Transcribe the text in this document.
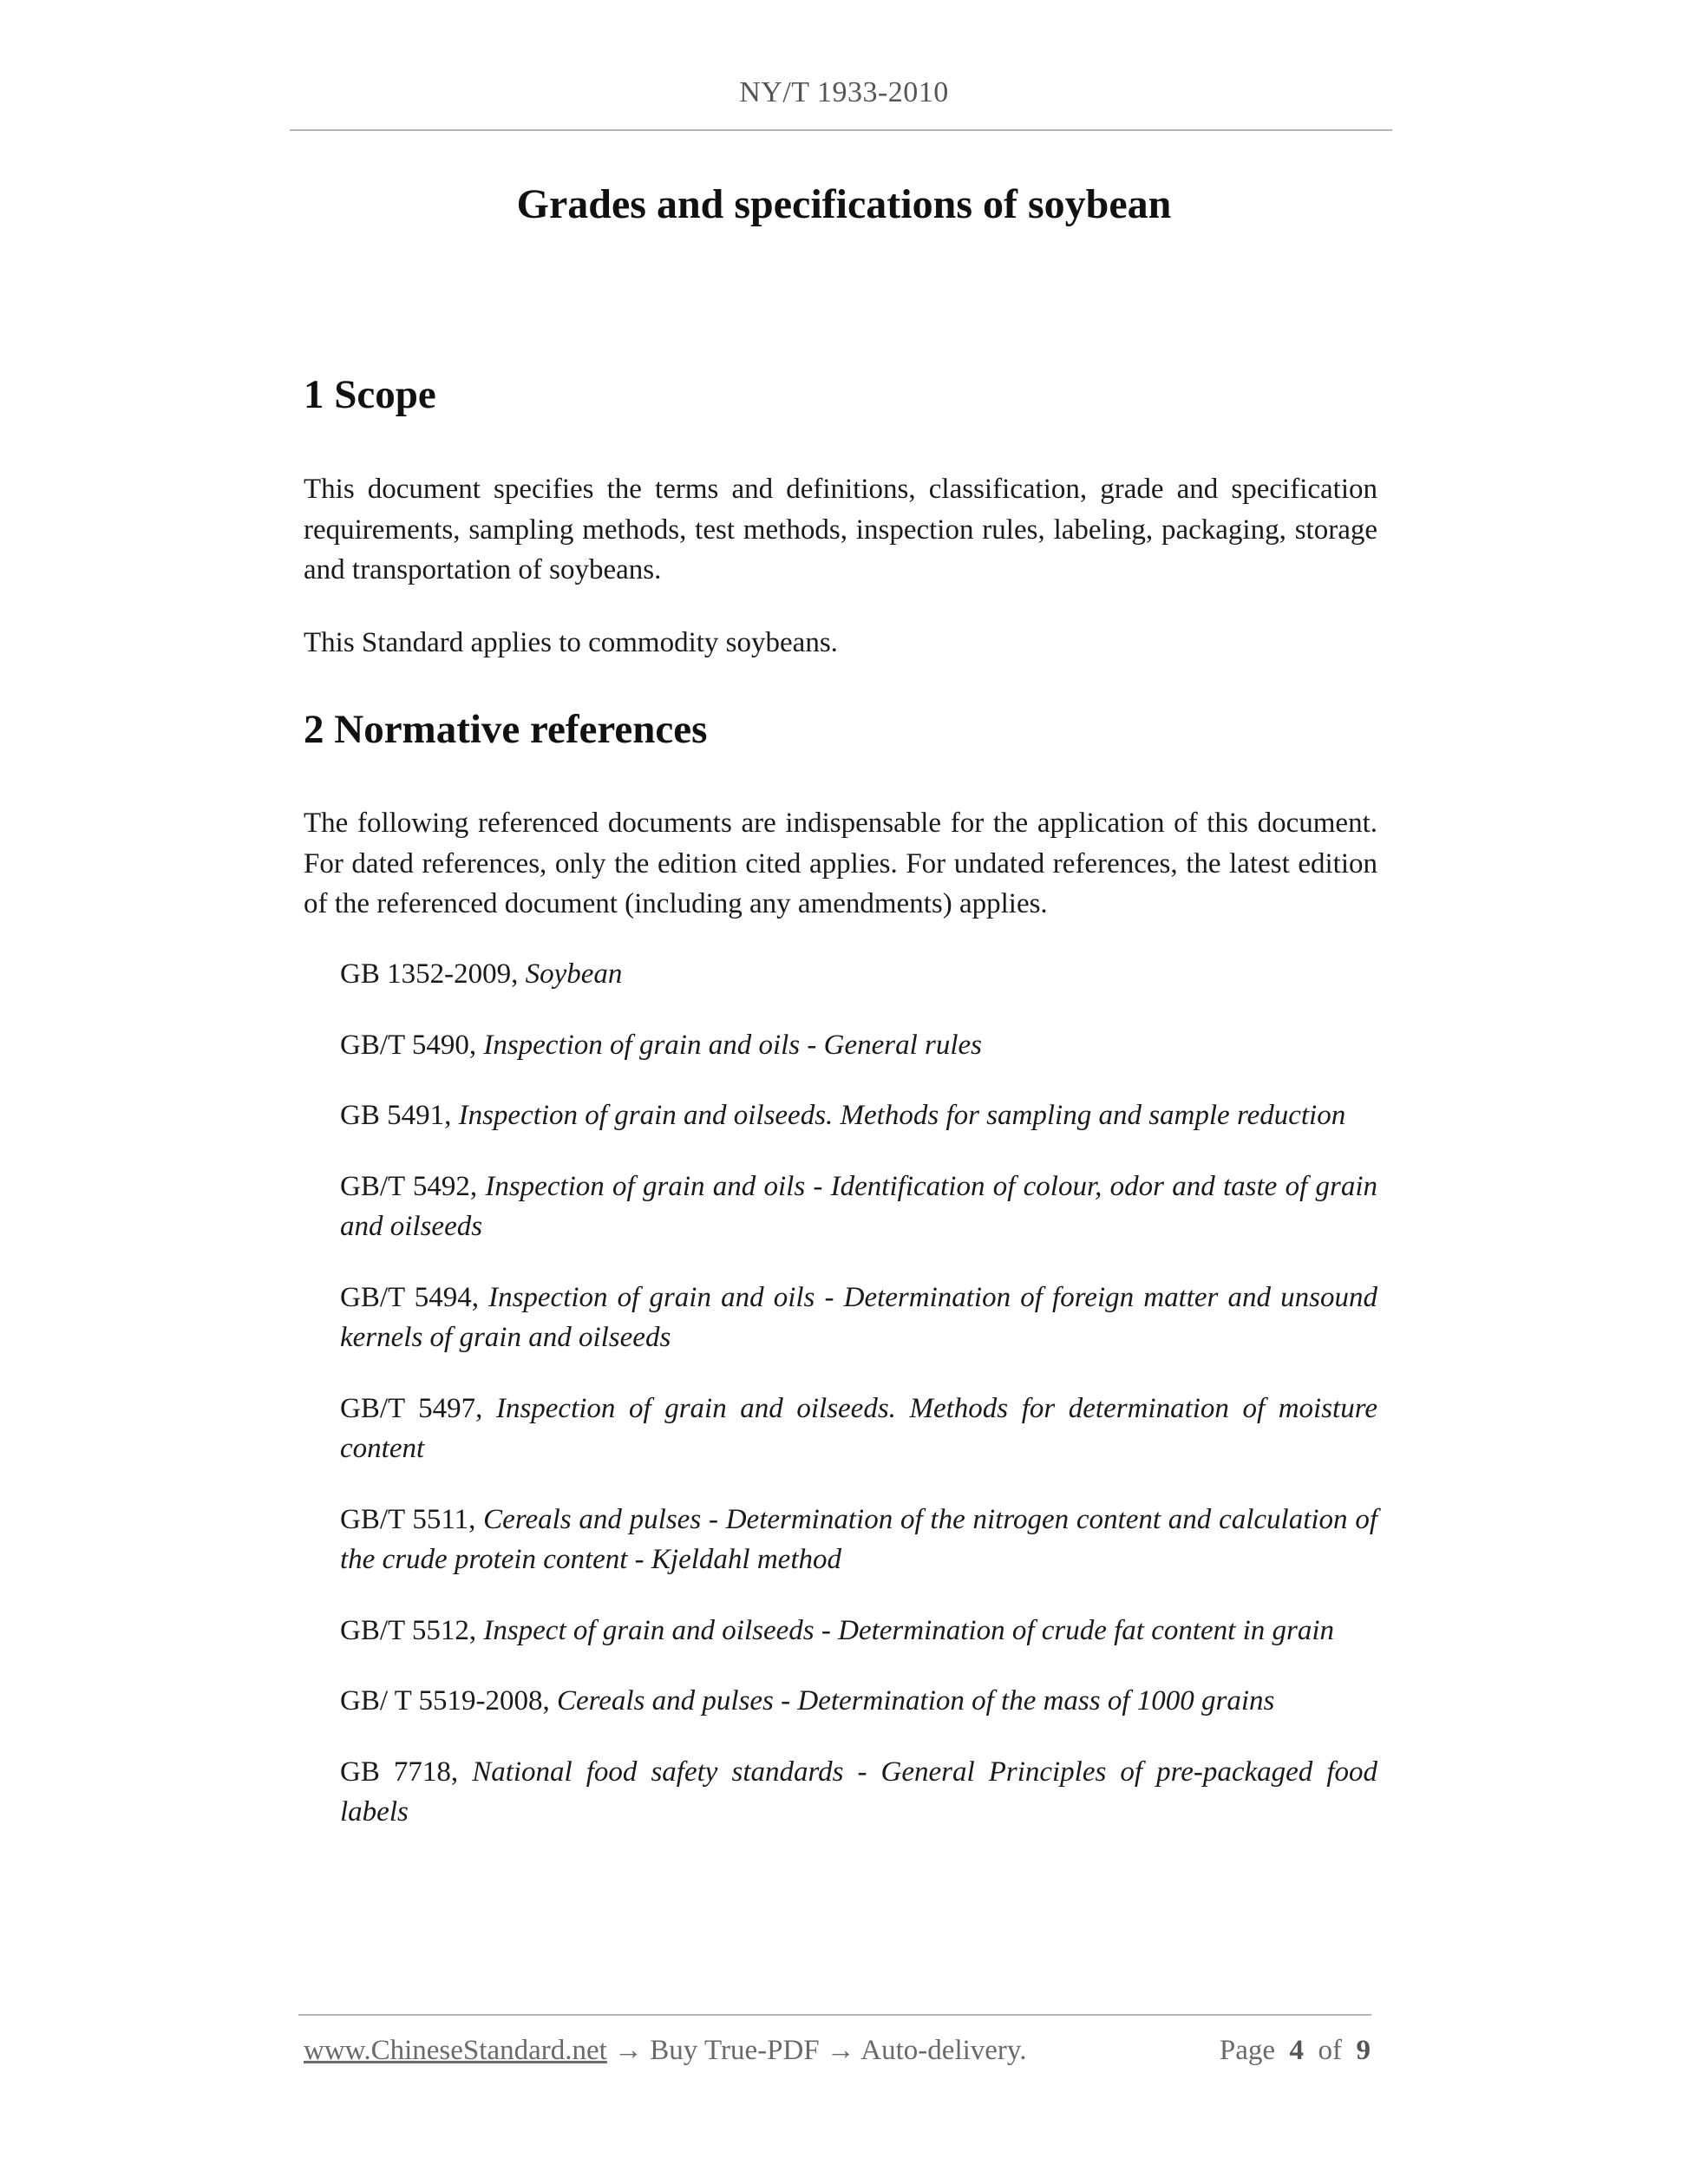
NY/T 1933-2010
Grades and specifications of soybean
1 Scope
This document specifies the terms and definitions, classification, grade and specification requirements, sampling methods, test methods, inspection rules, labeling, packaging, storage and transportation of soybeans.
This Standard applies to commodity soybeans.
2 Normative references
The following referenced documents are indispensable for the application of this document. For dated references, only the edition cited applies. For undated references, the latest edition of the referenced document (including any amendments) applies.
GB 1352-2009, Soybean
GB/T 5490, Inspection of grain and oils - General rules
GB 5491, Inspection of grain and oilseeds. Methods for sampling and sample reduction
GB/T 5492, Inspection of grain and oils - Identification of colour, odor and taste of grain and oilseeds
GB/T 5494, Inspection of grain and oils - Determination of foreign matter and unsound kernels of grain and oilseeds
GB/T 5497, Inspection of grain and oilseeds. Methods for determination of moisture content
GB/T 5511, Cereals and pulses - Determination of the nitrogen content and calculation of the crude protein content - Kjeldahl method
GB/T 5512, Inspect of grain and oilseeds - Determination of crude fat content in grain
GB/ T 5519-2008, Cereals and pulses - Determination of the mass of 1000 grains
GB 7718, National food safety standards - General Principles of pre-packaged food labels
www.ChineseStandard.net → Buy True-PDF → Auto-delivery.	Page 4 of 9
